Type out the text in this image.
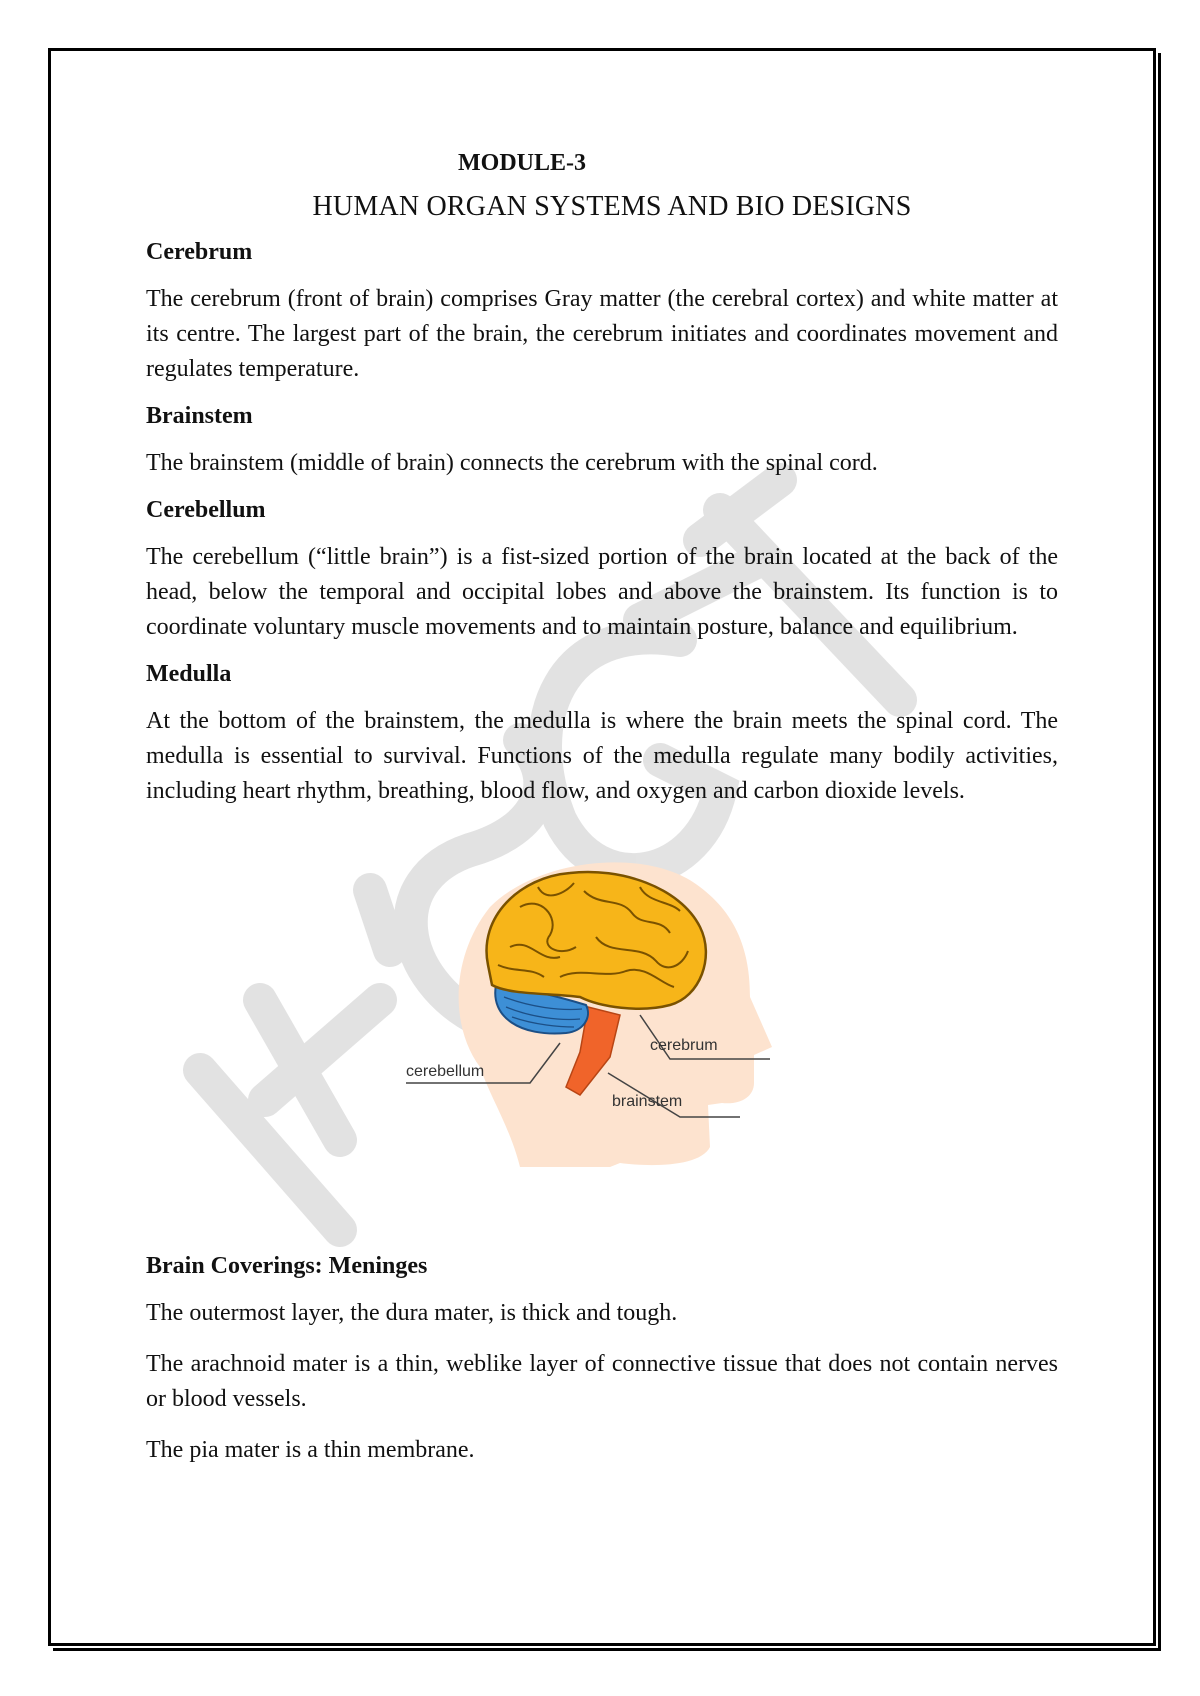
MODULE-3
HUMAN ORGAN SYSTEMS AND BIO DESIGNS
Cerebrum

The cerebrum (front of brain) comprises Gray matter (the cerebral cortex) and white matter at its centre. The largest part of the brain, the cerebrum initiates and coordinates movement and regulates temperature.

Brainstem

The brainstem (middle of brain) connects the cerebrum with the spinal cord.

Cerebellum

The cerebellum (“little brain”) is a fist-sized portion of the brain located at the back of the head, below the temporal and occipital lobes and above the brainstem. Its function is to coordinate voluntary muscle movements and to maintain posture, balance and equilibrium.

Medulla

At the bottom of the brainstem, the medulla is where the brain meets the spinal cord. The medulla is essential to survival. Functions of the medulla regulate many bodily activities, including heart rhythm, breathing, blood flow, and oxygen and carbon dioxide levels.

cerebellum
cerebrum
brainstem
Brain Coverings: Meninges

The outermost layer, the dura mater, is thick and tough.

The arachnoid mater is a thin, weblike layer of connective tissue that does not contain nerves or blood vessels.

The pia mater is a thin membrane.
